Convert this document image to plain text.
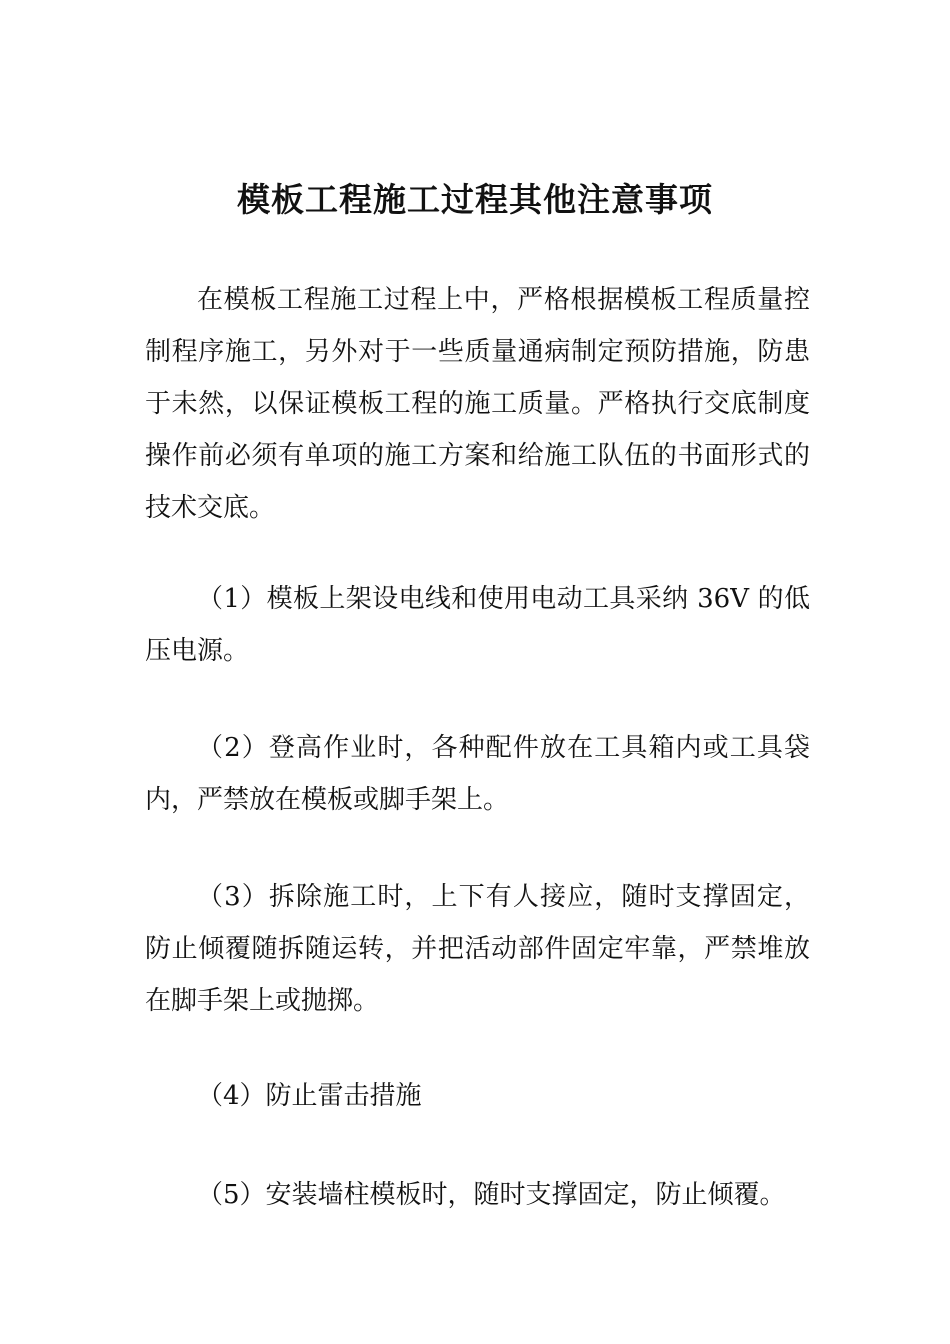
模板工程施工过程其他注意事项

在模板工程施工过程上中，严格根据模板工程质量控制程序施工，另外对于一些质量通病制定预防措施，防患于未然，以保证模板工程的施工质量。严格执行交底制度操作前必须有单项的施工方案和给施工队伍的书面形式的技术交底。

（1）模板上架设电线和使用电动工具采纳 36V 的低压电源。

（2）登高作业时，各种配件放在工具箱内或工具袋内，严禁放在模板或脚手架上。

（3）拆除施工时，上下有人接应，随时支撑固定，防止倾覆随拆随运转，并把活动部件固定牢靠，严禁堆放在脚手架上或抛掷。

（4）防止雷击措施

（5）安装墙柱模板时，随时支撑固定，防止倾覆。
